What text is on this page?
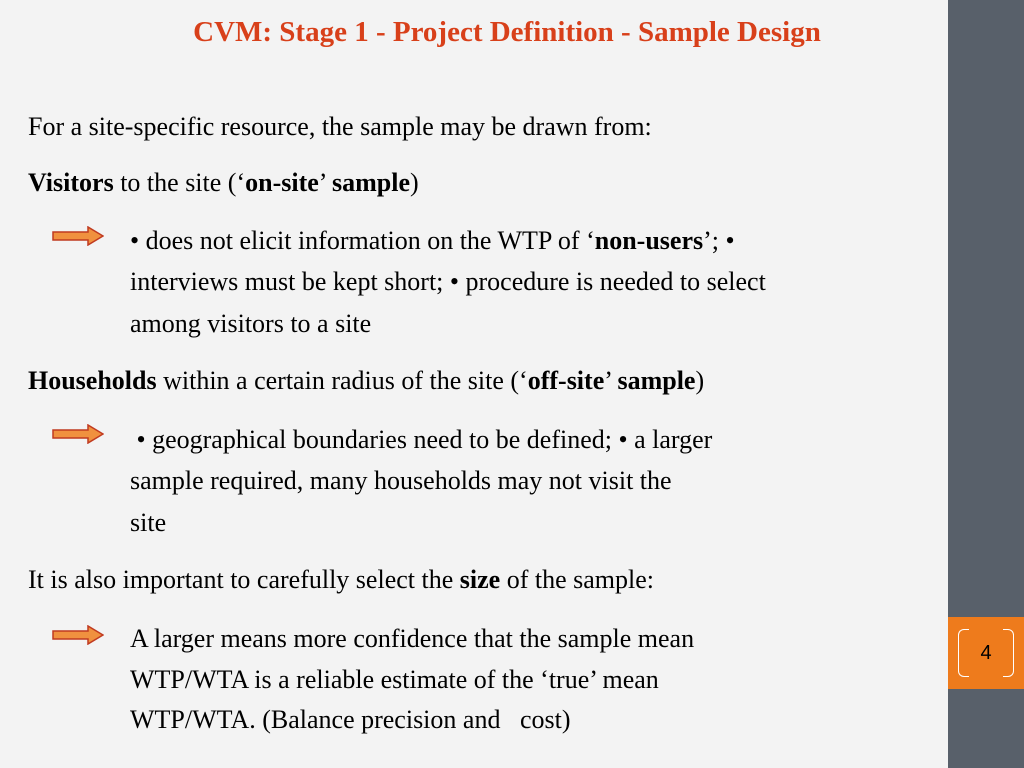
CVM: Stage 1 - Project Definition - Sample Design
For a site-specific resource, the sample may be drawn from:
Visitors to the site (‘on-site’ sample)
• does not elicit information on the WTP of ‘non-users’; •
interviews must be kept short; • procedure is needed to select
among visitors to a site
Households within a certain radius of the site (‘off-site’ sample)
• geographical boundaries need to be defined; • a larger
sample required, many households may not visit the
site
It is also important to carefully select the size of the sample:
A larger means more confidence that the sample mean
WTP/WTA is a reliable estimate of the ‘true’ mean
WTP/WTA. (Balance precision and   cost)
4
